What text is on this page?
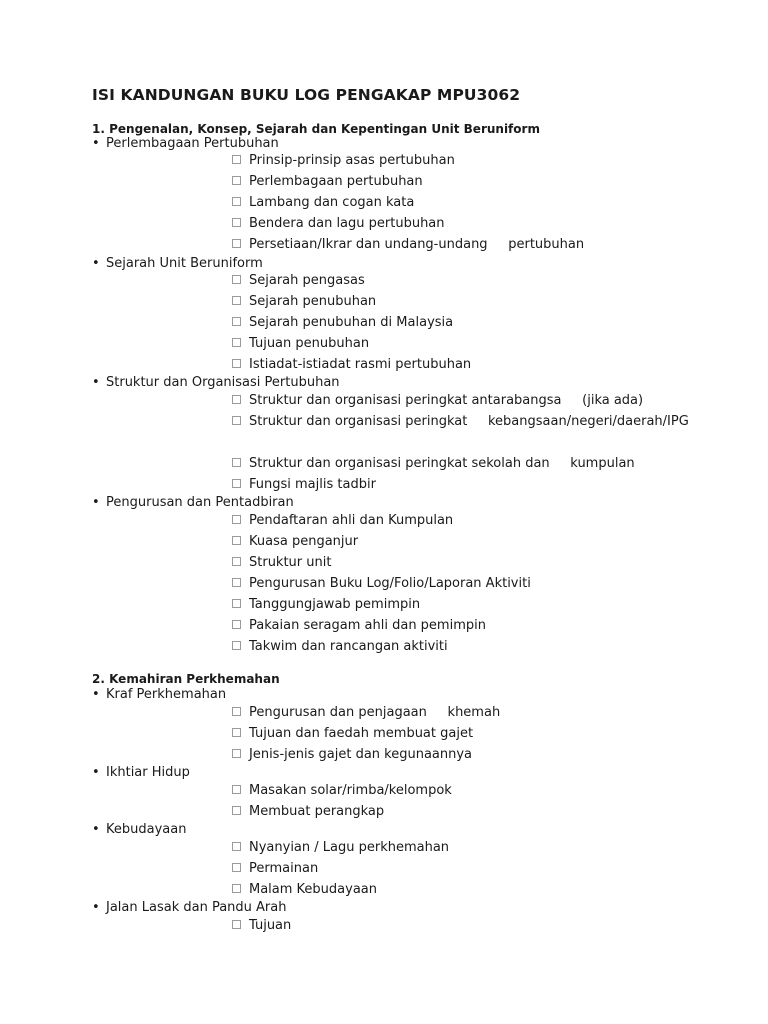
ISI KANDUNGAN BUKU LOG PENGAKAP MPU3062
1. Pengenalan, Konsep, Sejarah dan Kepentingan Unit Beruniform
• Perlembagaan Pertubuhan
Prinsip-prinsip asas pertubuhan
Perlembagaan pertubuhan
Lambang dan cogan kata
Bendera dan lagu pertubuhan
Persetiaan/Ikrar dan undang-undang     pertubuhan
• Sejarah Unit Beruniform
Sejarah pengasas
Sejarah penubuhan
Sejarah penubuhan di Malaysia
Tujuan penubuhan
Istiadat-istiadat rasmi pertubuhan
• Struktur dan Organisasi Pertubuhan
Struktur dan organisasi peringkat antarabangsa     (jika ada)
Struktur dan organisasi peringkat     kebangsaan/negeri/daerah/IPG
Struktur dan organisasi peringkat sekolah dan     kumpulan
Fungsi majlis tadbir
• Pengurusan dan Pentadbiran
Pendaftaran ahli dan Kumpulan
Kuasa penganjur
Struktur unit
Pengurusan Buku Log/Folio/Laporan Aktiviti
Tanggungjawab pemimpin
Pakaian seragam ahli dan pemimpin
Takwim dan rancangan aktiviti
2. Kemahiran Perkhemahan
• Kraf Perkhemahan
Pengurusan dan penjagaan     khemah
Tujuan dan faedah membuat gajet
Jenis-jenis gajet dan kegunaannya
• Ikhtiar Hidup
Masakan solar/rimba/kelompok
Membuat perangkap
• Kebudayaan
Nyanyian / Lagu perkhemahan
Permainan
Malam Kebudayaan
• Jalan Lasak dan Pandu Arah
Tujuan
